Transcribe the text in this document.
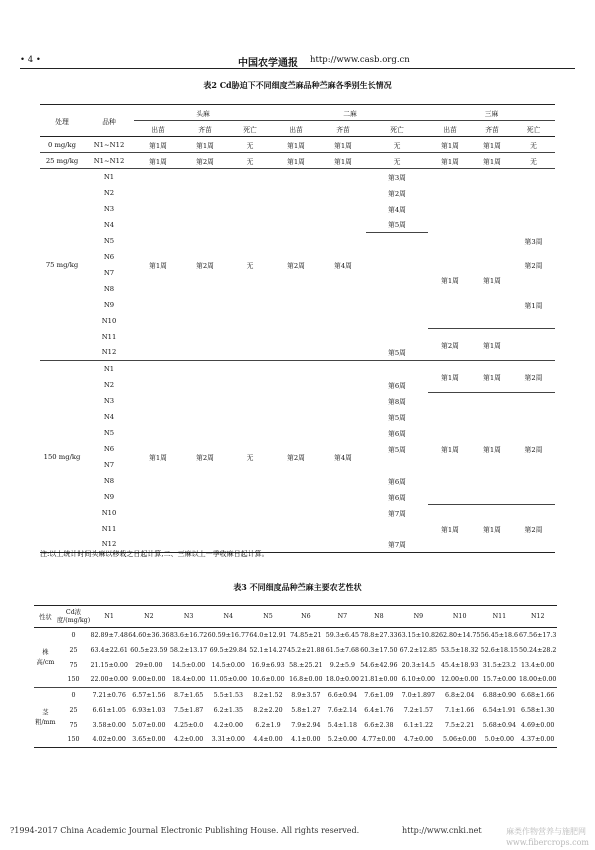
• 4 •	中国农学通报 http://www.casb.org.cn
表2 Cd胁迫下不同细度苎麻品种苎麻各季别生长情况
处理	品种	头麻			二麻			三麻		
		出苗	齐苗	死亡	出苗	齐苗	死亡	出苗	齐苗	死亡
0 mg/kg	N1~N12	第1周	第1周	无	第1周	第1周	无	第1周	第1周	无
25 mg/kg	N1~N12	第1周	第2周	无	第1周	第1周	无	第1周	第1周	无
75 mg/kg	N1	第1周	第2周	无	第2周	第4周	第3周			
	N2						第2周			
	N3						第4周			
	N4						第5周			
	N5							第1周	第1周	第3周
	N6									第2周
	N7									
	N8									
	N9									第1周
	N10									
	N11							第2周	第1周	
	N12						第5周			
150 mg/kg	N1	第1周	第2周	无	第2周	第4周		第1周	第1周	第2周
	N2						第6周			
	N3						第8周	第1周	第1周	第2周
	N4						第5周			
	N5						第6周			
	N6						第5周			
	N7									
	N8						第6周			
	N9						第6周			
	N10						第7周	第1周	第1周	第2周
	N11									
	N12						第7周			
注:以上统计时间头麻以移栽之日起计算,二、三麻以上一季收麻日起计算。
表3 不同细度品种苎麻主要农艺性状
性状	Cd浓度/(mg/kg)	N1	N2	N3	N4	N5	N6	N7	N8	N9	N10	N11	N12
株高/cm	0	82.89±7.48	64.60±36.36	83.6±16.72	60.59±16.77	64.0±12.91	74.85±21	59.3±6.45	78.8±27.33	63.15±10.82	62.80±14.75	56.45±18.6	67.56±17.3
	25	63.4±22.61	60.5±23.59	58.2±13.17	69.5±29.84	52.1±14.27	45.2±21.88	61.5±7.68	60.3±17.50	67.2±12.85	53.5±18.32	52.6±18.15	50.24±28.2
	75	21.15±0.00	29±0.00	14.5±0.00	14.5±0.00	16.9±6.93	58.±25.21	9.2±5.9	54.6±42.96	20.3±14.5	45.4±18.93	31.5±23.2	13.4±0.00
	150	22.00±0.00	9.00±0.00	18.4±0.00	11.05±0.00	10.6±0.00	16.8±0.00	18.0±0.00	21.81±0.00	6.10±0.00	12.00±0.00	15.7±0.00	18.00±0.00
茎粗/mm	0	7.21±0.76	6.57±1.56	8.7±1.65	5.5±1.53	8.2±1.52	8.9±3.57	6.6±0.94	7.6±1.09	7.0±1.897	6.8±2.04	6.88±0.90	6.68±1.66
	25	6.61±1.05	6.93±1.03	7.5±1.87	6.2±1.35	8.2±2.20	5.8±1.27	7.6±2.14	6.4±1.76	7.2±1.57	7.1±1.66	6.54±1.91	6.58±1.30
	75	3.58±0.00	5.07±0.00	4.25±0.0	4.2±0.00	6.2±1.9	7.9±2.94	5.4±1.18	6.6±2.38	6.1±1.22	7.5±2.21	5.68±0.94	4.69±0.00
	150	4.02±0.00	3.65±0.00	4.2±0.00	3.31±0.00	4.4±0.00	4.1±0.00	5.2±0.00	4.77±0.00	4.7±0.00	5.06±0.00	5.0±0.00	4.37±0.00
?1994-2017 China Academic Journal Electronic Publishing House. All rights reserved.	http://www.cnki.net	麻类作物营养与施肥网
www.fibercrops.com
